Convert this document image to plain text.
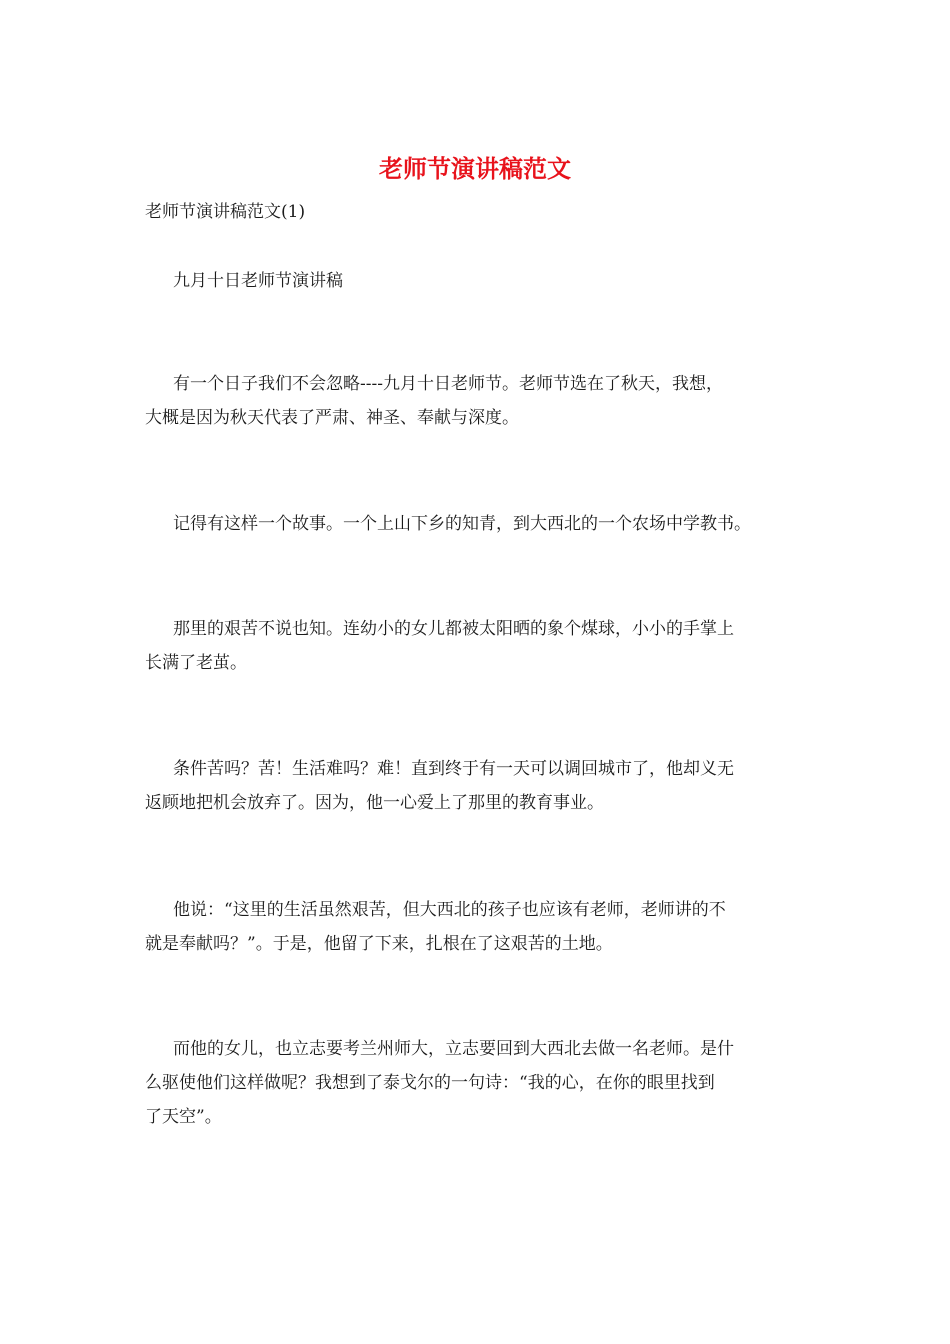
老师节演讲稿范文

老师节演讲稿范文(1)

九月十日老师节演讲稿

有一个日子我们不会忽略----九月十日老师节。老师节选在了秋天，我想，
大概是因为秋天代表了严肃、神圣、奉献与深度。

记得有这样一个故事。一个上山下乡的知青，到大西北的一个农场中学教书。

那里的艰苦不说也知。连幼小的女儿都被太阳晒的象个煤球，小小的手掌上
长满了老茧。

条件苦吗？苦！生活难吗？难！直到终于有一天可以调回城市了，他却义无
返顾地把机会放弃了。因为，他一心爱上了那里的教育事业。

他说：“这里的生活虽然艰苦，但大西北的孩子也应该有老师，老师讲的不
就是奉献吗？”。于是，他留了下来，扎根在了这艰苦的土地。

而他的女儿，也立志要考兰州师大，立志要回到大西北去做一名老师。是什
么驱使他们这样做呢？我想到了泰戈尔的一句诗：“我的心，在你的眼里找到
了天空”。
